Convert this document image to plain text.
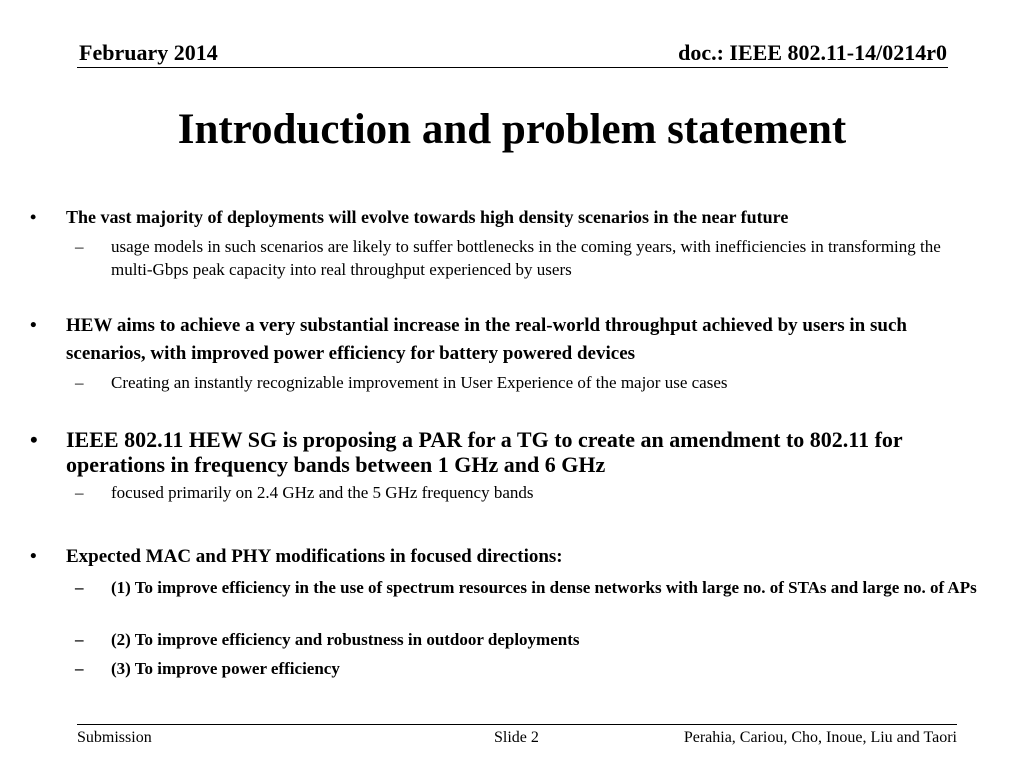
February 2014	doc.: IEEE 802.11-14/0214r0
Introduction and problem statement
• The vast majority of deployments will evolve towards high density scenarios in the near future
– usage models in such scenarios are likely to suffer bottlenecks in the coming years, with inefficiencies in transforming the multi-Gbps peak capacity into real throughput experienced by users
• HEW aims to achieve a very substantial increase in the real-world throughput achieved by users in such scenarios, with improved power efficiency for battery powered devices
– Creating an instantly recognizable improvement in User Experience of the major use cases
• IEEE 802.11 HEW SG is proposing a PAR for a TG to create an amendment to 802.11 for operations in frequency bands between 1 GHz and 6 GHz
– focused primarily on 2.4 GHz and the 5 GHz frequency bands
• Expected MAC and PHY modifications in focused directions:
– (1) To improve efficiency in the use of spectrum resources in dense networks with large no. of STAs and large no. of APs
– (2) To improve efficiency and robustness in outdoor deployments
– (3) To improve power efficiency
Submission	Slide 2	Perahia, Cariou, Cho, Inoue, Liu and Taori
